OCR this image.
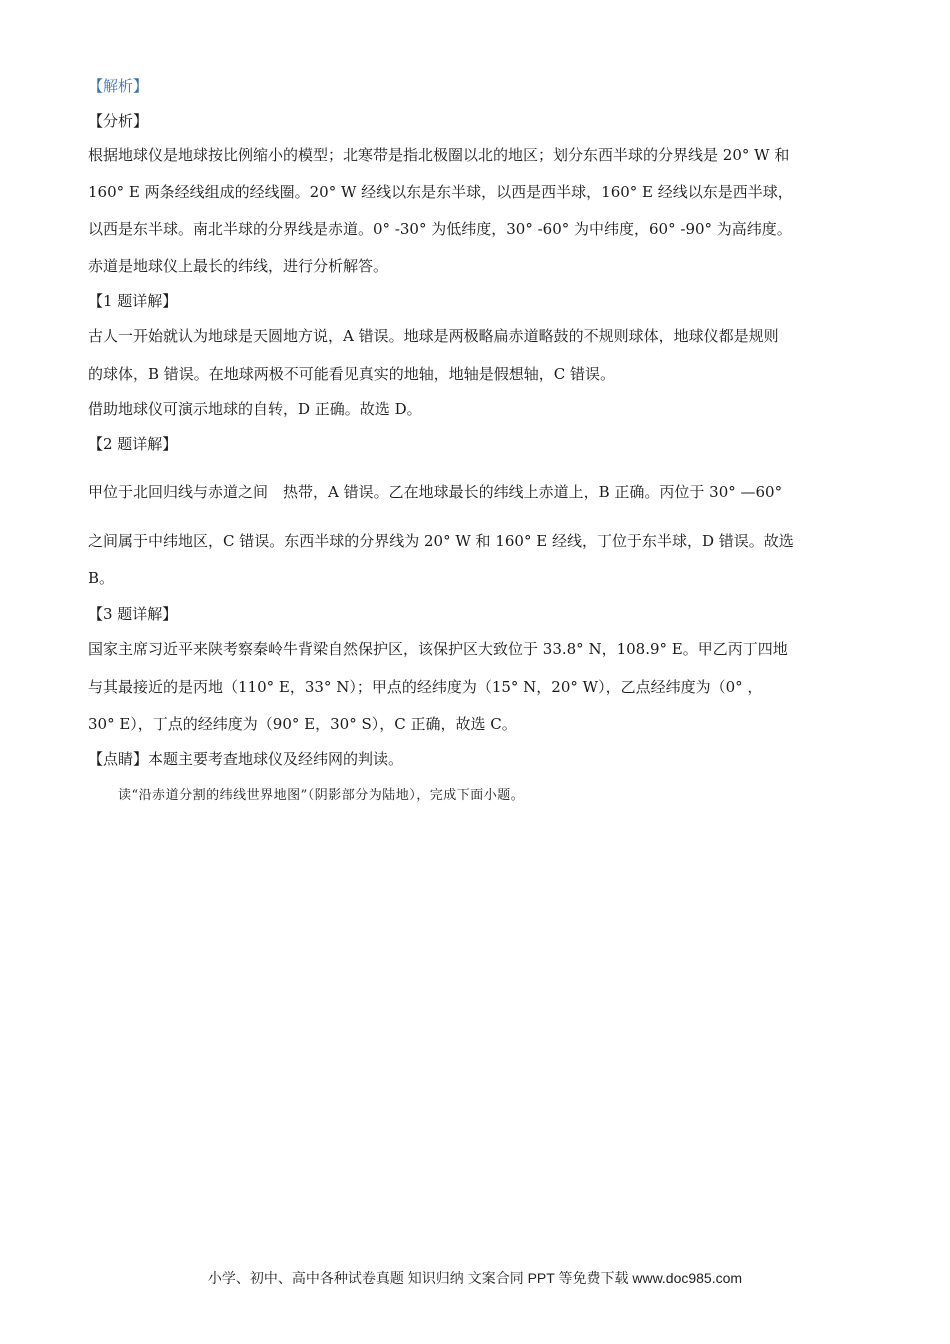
【解析】
【分析】
根据地球仪是地球按比例缩小的模型；北寒带是指北极圈以北的地区；划分东西半球的分界线是 20° W 和
160° E 两条经线组成的经线圈。20° W 经线以东是东半球，以西是西半球，160° E 经线以东是西半球，
以西是东半球。南北半球的分界线是赤道。0° -30° 为低纬度，30° -60° 为中纬度，60° -90° 为高纬度。
赤道是地球仪上最长的纬线，进行分析解答。
【1 题详解】
古人一开始就认为地球是天圆地方说，A 错误。地球是两极略扁赤道略鼓的不规则球体，地球仪都是规则
的球体，B 错误。在地球两极不可能看见真实的地轴，地轴是假想轴，C 错误。
借助地球仪可演示地球的自转，D 正确。故选 D。
【2 题详解】
甲位于北回归线与赤道之间　热带，A 错误。乙在地球最长的纬线上赤道上，B 正确。丙位于 30° —60°
之间属于中纬地区，C 错误。东西半球的分界线为 20° W 和 160° E 经线，丁位于东半球，D 错误。故选
B。
【3 题详解】
国家主席习近平来陕考察秦岭牛背梁自然保护区，该保护区大致位于 33.8° N，108.9° E。甲乙丙丁四地
与其最接近的是丙地（110° E，33° N）；甲点的经纬度为（15° N，20° W），乙点经纬度为（0° ，
30° E），丁点的经纬度为（90° E，30° S），C 正确，故选 C。
【点睛】本题主要考查地球仪及经纬网的判读。
读“沿赤道分割的纬线世界地图”（阴影部分为陆地），完成下面小题。
小学、初中、高中各种试卷真题 知识归纳 文案合同 PPT 等免费下载 www.doc985.com
